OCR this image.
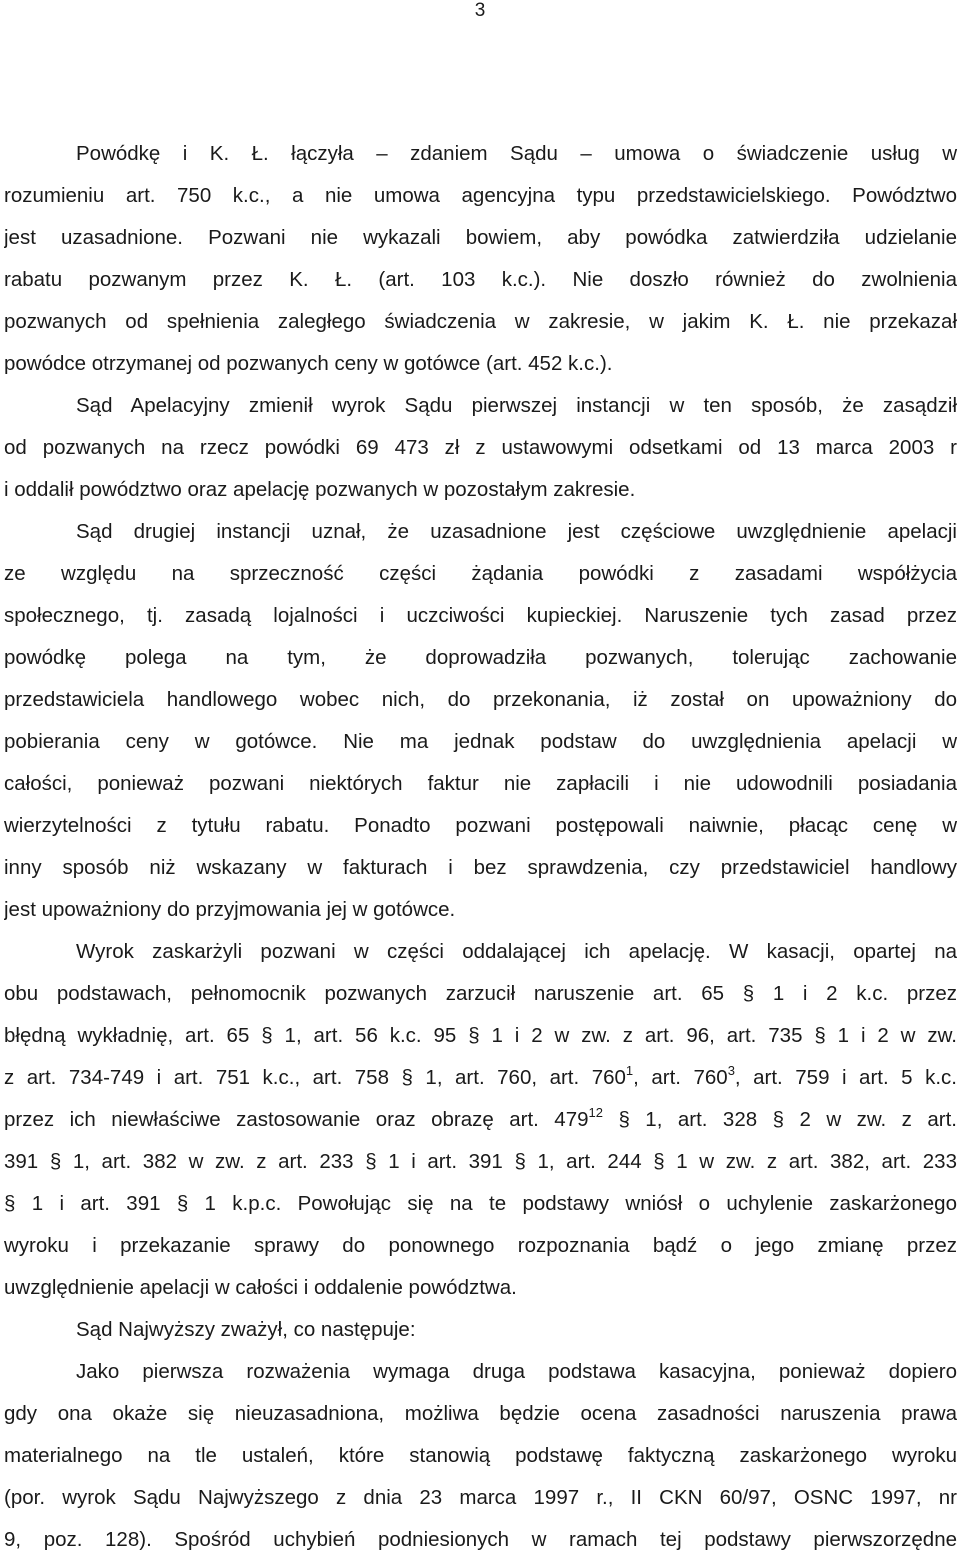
3
Powódkę i K. Ł. łączyła – zdaniem Sądu – umowa o świadczenie usług w
rozumieniu art. 750 k.c., a nie umowa agencyjna typu przedstawicielskiego. Powództwo
jest uzasadnione. Pozwani nie wykazali bowiem, aby powódka zatwierdziła udzielanie
rabatu pozwanym przez K. Ł. (art. 103 k.c.). Nie doszło również do zwolnienia
pozwanych od spełnienia zaległego świadczenia w zakresie, w jakim K. Ł. nie przekazał
powódce otrzymanej od pozwanych ceny w gotówce (art. 452 k.c.).
Sąd Apelacyjny zmienił wyrok Sądu pierwszej instancji w ten sposób, że zasądził
od pozwanych na rzecz powódki 69 473 zł z ustawowymi odsetkami od 13 marca 2003 r
i oddalił powództwo oraz apelację pozwanych w pozostałym zakresie.
Sąd drugiej instancji uznał, że uzasadnione jest częściowe uwzględnienie apelacji
ze względu na sprzeczność części żądania powódki z zasadami współżycia
społecznego, tj. zasadą lojalności i uczciwości kupieckiej. Naruszenie tych zasad przez
powódkę polega na tym, że doprowadziła pozwanych, tolerując zachowanie
przedstawiciela handlowego wobec nich, do przekonania, iż został on upoważniony do
pobierania ceny w gotówce. Nie ma jednak podstaw do uwzględnienia apelacji w
całości, ponieważ pozwani niektórych faktur nie zapłacili i nie udowodnili posiadania
wierzytelności z tytułu rabatu. Ponadto pozwani postępowali naiwnie, płacąc cenę w
inny sposób niż wskazany w fakturach i bez sprawdzenia, czy przedstawiciel handlowy
jest upoważniony do przyjmowania jej w gotówce.
Wyrok zaskarżyli pozwani w części oddalającej ich apelację. W kasacji, opartej na
obu podstawach, pełnomocnik pozwanych zarzucił naruszenie art. 65 § 1 i 2 k.c. przez
błędną wykładnię, art. 65 § 1, art. 56 k.c. 95 § 1 i 2 w zw. z art. 96, art. 735 § 1 i 2 w zw.
z art. 734-749 i art. 751 k.c., art. 758 § 1, art. 760, art. $760^1$, art. $760^3$, art. 759 i art. 5 k.c.
przez ich niewłaściwe zastosowanie oraz obrazę art. $479^{12}$ § 1, art. 328 § 2 w zw. z art.
391 § 1, art. 382 w zw. z art. 233 § 1 i art. 391 § 1, art. 244 § 1 w zw. z art. 382, art. 233
§ 1 i art. 391 § 1 k.p.c. Powołując się na te podstawy wniósł o uchylenie zaskarżonego
wyroku i przekazanie sprawy do ponownego rozpoznania bądź o jego zmianę przez
uwzględnienie apelacji w całości i oddalenie powództwa.
Sąd Najwyższy zważył, co następuje:
Jako pierwsza rozważenia wymaga druga podstawa kasacyjna, ponieważ dopiero
gdy ona okaże się nieuzasadniona, możliwa będzie ocena zasadności naruszenia prawa
materialnego na tle ustaleń, które stanowią podstawę faktyczną zaskarżonego wyroku
(por. wyrok Sądu Najwyższego z dnia 23 marca 1997 r., II CKN 60/97, OSNC 1997, nr
9, poz. 128). Spośród uchybień podniesionych w ramach tej podstawy pierwszorzędne
